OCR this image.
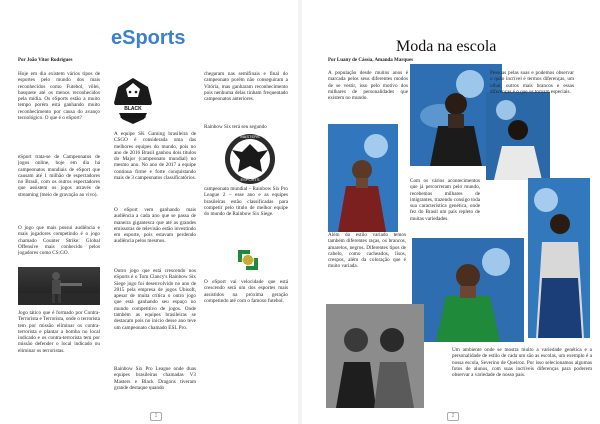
eSports
Por João Vitor Rodrigues

Hoje em dia existem vários tipos de esportes pelo mundo dos mais reconhecidos como Futebol, vôlei, basquete até os menos reconhecidos pela mídia. Os eSports estão a muito tempo porém está ganhando muito reconhecimento por causa do avanço tecnológico. O que é o eSport?

eSport trata-se de Campeonatos de jogos online, hoje em dia há campeonatos mundiais de eSport que causam até 1 milhão de espectadores no Brasil, com os outros espectadores que assistem os jogos através de streaming (meio de gravação ao vivo).

O jogo que mais possui audiência e mais jogadores competindo é o jogo chamado Counter Strike: Global Offensive mais conhecido pelos jogadores como CS:GO.

Jogo tático que é formado por Contra-Terrorista e Terrorista, onde o terrorista tem por missão eliminar os contra-terrorista e plantar a bomba no local indicado e os contra-terrorista tem por missão defender o local indicado ou eliminar os terroristas.

BLACK DRAGONS

A equipe SK Gaming brasileira de CSGO é considerada uma das melhores equipes do mundo, pois no ano de 2016 Brasil ganhou dois títulos do Major (campeonato mundial) no mesmo ano. No ano de 2017 a equipe continua firme e forte conquistando mais de 3 campeonatos classificatórios.

O eSport vem ganhando mais audiência a cada ano que se passa de maneira gigantesca que até as grandes emissoras de televisão estão investindo em esporte, pois estavam perdendo audiência pelos mesmos.

Outro jogo que está crescendo nos eSports é o Tom Clancy's Rainbow Six Siege jogo foi desenvolvido no ano de 2015 pela empresa de jogos Ubisoft, apesar de muita crítica o outro jogo que está ganhando seu espaço no mundo competitivo de jogos. Onde também as equipes brasileiras se destacam pois no início desse ano teve um campeonato chamado ESL Pro.

Rainbow Six Pro League onde duas equipes brasileiras chamadas V3 Masters e Black Dragons tiveram grande destaque quando

chegaram nas semifinais e final do campeonato porém não conseguiram a Vitória, mas ganharam reconhecimento pois nenhuma delas tinham frequentado campeonatos anteriores.

Rainbow Six terá seu segundo

MASTERS
ESPORTS

campeonato mundial – Rainbow Six Pro League 2 – esse ano e as equipes brasileiras estão classificadas para competir pelo título de melhor equipe do mundo de Rainbow Six Siege.

O eSport vai velocidade que está crescendo será um dos esportes mais assistidos na próxima geração competindo até com o famoso futebol.

1
Moda na escola
Por Luany de Cássia, Amanda Marques

A população desde muitos anos é marcada pelos seus diferentes modos de se vestir, isso pelo motivo dos milhares de personalidades que existem no mundo.

Pessoas pelas suas e podemos observar o quão incrível é termos diferenças, um olhar, outros mais brancos e essas diferenças é o que os tornam especiais.

Com os vários acontecimentos que já percorreram pelo mundo, recebemos milhares de imigrantes, trazendo consigo toda sua característica genética, onde fez do Brasil um país repleto de muitas variedades.

Além do estilo variado temos também diferentes raças, os brancos, amarelos, negros. Diferentes tipos de cabelo, como cacheados, lisos, crespos, além da coloração que é muito variada.

Um ambiente onde se mostra muito a variedade genética e a personalidade de estilo de cada um são as escolas, um exemplo é a nossa escola, Severino de Queiroz. Por isso selecionamos algumas fotos de alunos, com suas incríveis diferenças para poderem observar a variedade de nosso país.

2
